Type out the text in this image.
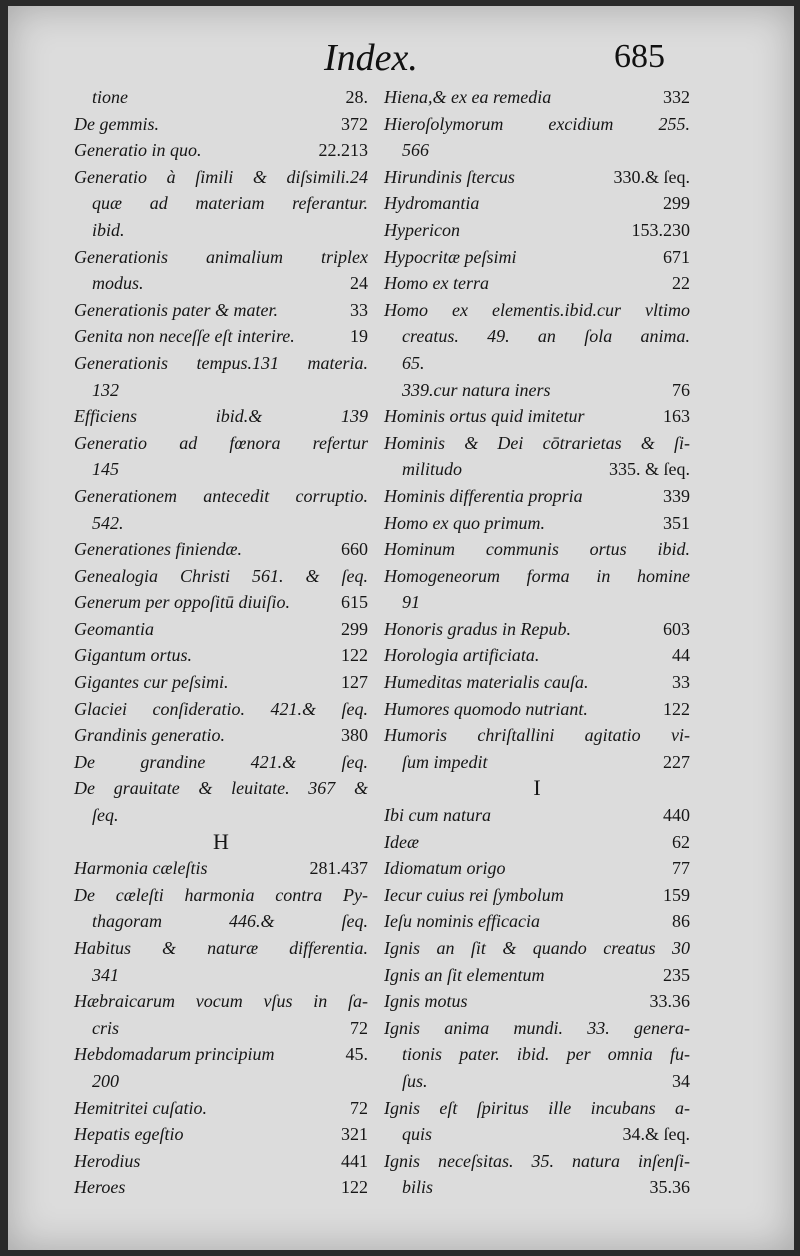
Index.	685
tione	28.
De gemmis.	372
Generatio in quo.	22.213
Generatio à ſimili & diſsimili.24
quæ ad materiam referantur.
ibid.
Generationis animalium triplex
modus.	24
Generationis pater & mater.	33
Genita non neceſſe eſt interire.	19
Generationis tempus.131 materia.
132
Efficiens ibid.& 139
Generatio ad fœnora refertur
145
Generationem antecedit corruptio.
542.
Generationes finiendæ.	660
Genealogia Christi 561. & ſeq.
Generum per oppoſitū diuiſio.	615
Geomantia	299
Gigantum ortus.	122
Gigantes cur peſsimi.	127
Glaciei conſideratio. 421.& ſeq.
Grandinis generatio.	380
De grandine 421.& ſeq.
De grauitate & leuitate. 367 &
ſeq.
H
Harmonia cæleſtis	281.437
De cæleſti harmonia contra Py-
thagoram 446.& ſeq.
Habitus & naturæ differentia.
341
Hæbraicarum vocum vſus in ſa-
cris	72
Hebdomadarum principium	45.
200
Hemitritei cuſatio.	72
Hepatis egeſtio	321
Herodius	441
Heroes	122
Hiena,& ex ea remedia	332
Hieroſolymorum excidium 255.
566
Hirundinis ſtercus	330.& ſeq.
Hydromantia	299
Hypericon	153.230
Hypocritæ peſsimi	671
Homo ex terra	22
Homo ex elementis.ibid.cur vltimo
creatus. 49. an ſola anima.
65.
339.cur natura iners	76
Hominis ortus quid imitetur	163
Hominis & Dei cōtrarietas & ſi-
militudo	335. & ſeq.
Hominis differentia propria	339
Homo ex quo primum.	351
Hominum communis ortus ibid.
Homogeneorum forma in homine
91
Honoris gradus in Repub.	603
Horologia artificiata.	44
Humeditas materialis cauſa.	33
Humores quomodo nutriant.	122
Humoris chriſtallini agitatio vi-
ſum impedit	227
I
Ibi cum natura	440
Ideæ	62
Idiomatum origo	77
Iecur cuius rei ſymbolum	159
Ieſu nominis efficacia	86
Ignis an ſit & quando creatus 30
Ignis an ſit elementum	235
Ignis motus	33.36
Ignis anima mundi. 33. genera-
tionis pater. ibid. per omnia fu-
ſus.	34
Ignis eſt ſpiritus ille incubans a-
quis	34.& ſeq.
Ignis neceſsitas. 35. natura inſenſi-
bilis	35.36
